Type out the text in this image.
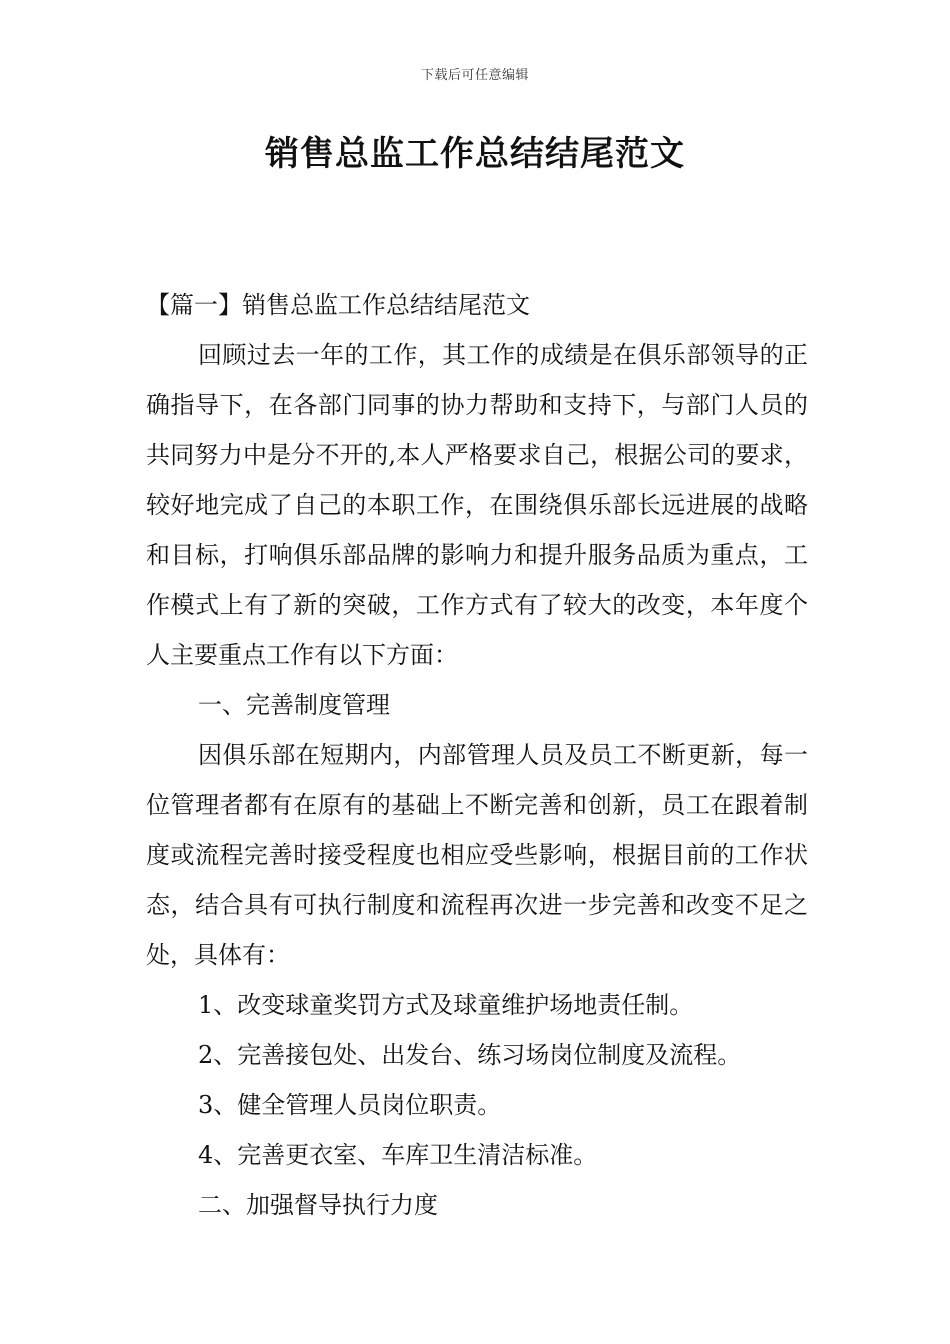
下载后可任意编辑
销售总监工作总结结尾范文

【篇一】销售总监工作总结结尾范文

回顾过去一年的工作，其工作的成绩是在俱乐部领导的正确指导下，在各部门同事的协力帮助和支持下，与部门人员的共同努力中是分不开的,本人严格要求自己，根据公司的要求，较好地完成了自己的本职工作，在围绕俱乐部长远进展的战略和目标，打响俱乐部品牌的影响力和提升服务品质为重点，工作模式上有了新的突破，工作方式有了较大的改变，本年度个人主要重点工作有以下方面：

一、完善制度管理

因俱乐部在短期内，内部管理人员及员工不断更新，每一位管理者都有在原有的基础上不断完善和创新，员工在跟着制度或流程完善时接受程度也相应受些影响，根据目前的工作状态，结合具有可执行制度和流程再次进一步完善和改变不足之处，具体有：

1、改变球童奖罚方式及球童维护场地责任制。

2、完善接包处、出发台、练习场岗位制度及流程。

3、健全管理人员岗位职责。

4、完善更衣室、车库卫生清洁标准。

二、加强督导执行力度
